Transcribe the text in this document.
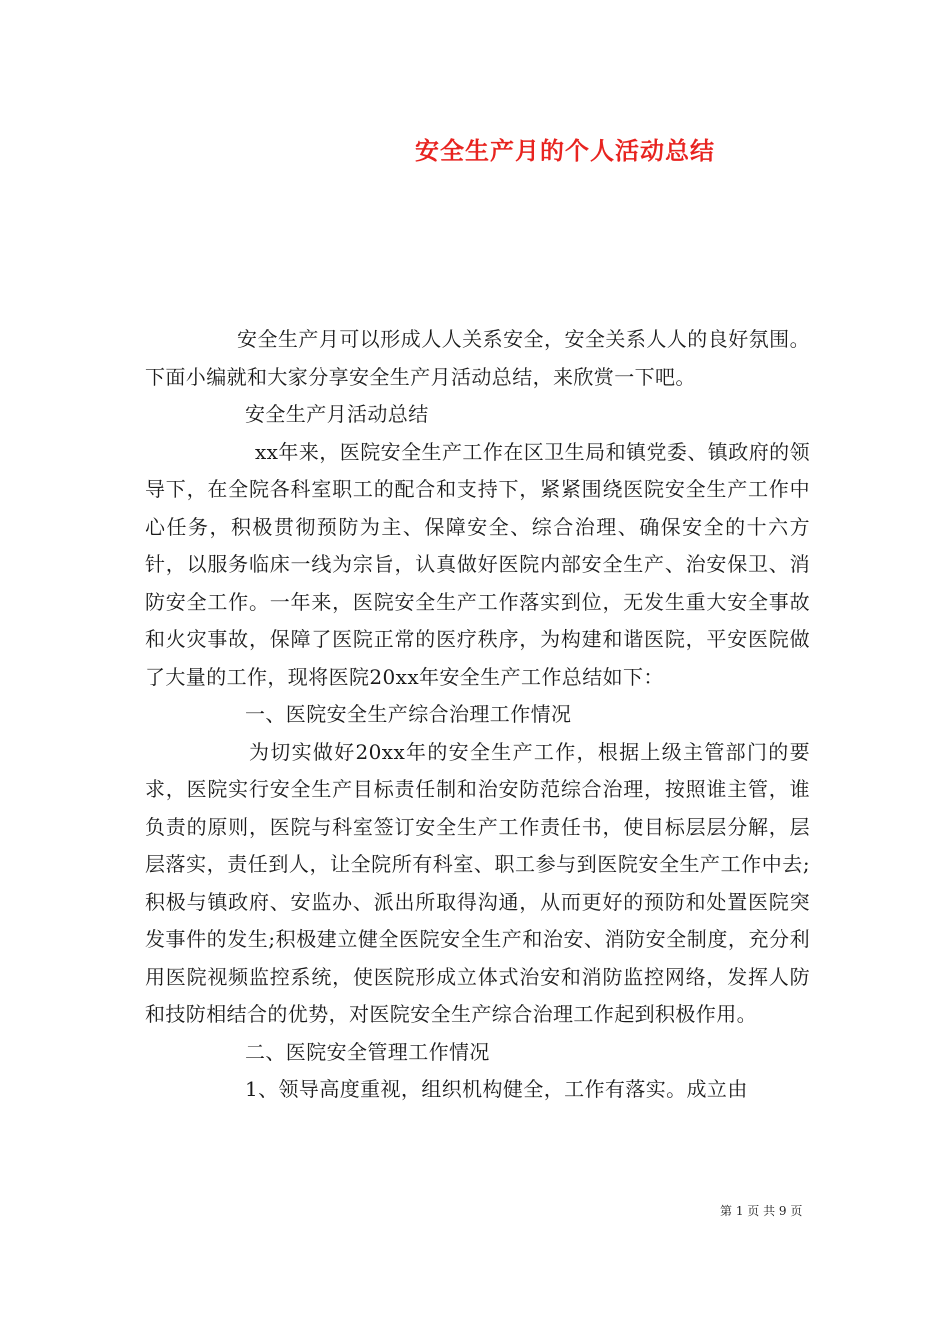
安全生产月的个人活动总结

安全生产月可以形成人人关系安全，安全关系人人的良好氛围。下面小编就和大家分享安全生产月活动总结，来欣赏一下吧。

安全生产月活动总结

xx年来，医院安全生产工作在区卫生局和镇党委、镇政府的领导下，在全院各科室职工的配合和支持下，紧紧围绕医院安全生产工作中心任务，积极贯彻预防为主、保障安全、综合治理、确保安全的十六方针，以服务临床一线为宗旨，认真做好医院内部安全生产、治安保卫、消防安全工作。一年来，医院安全生产工作落实到位，无发生重大安全事故和火灾事故，保障了医院正常的医疗秩序，为构建和谐医院，平安医院做了大量的工作，现将医院20xx年安全生产工作总结如下：

一、医院安全生产综合治理工作情况

为切实做好20xx年的安全生产工作，根据上级主管部门的要求，医院实行安全生产目标责任制和治安防范综合治理，按照谁主管，谁负责的原则，医院与科室签订安全生产工作责任书，使目标层层分解，层层落实，责任到人，让全院所有科室、职工参与到医院安全生产工作中去;积极与镇政府、安监办、派出所取得沟通，从而更好的预防和处置医院突发事件的发生;积极建立健全医院安全生产和治安、消防安全制度，充分利用医院视频监控系统，使医院形成立体式治安和消防监控网络，发挥人防和技防相结合的优势，对医院安全生产综合治理工作起到积极作用。

二、医院安全管理工作情况

1、领导高度重视，组织机构健全，工作有落实。成立由

第 1 页 共 9 页
